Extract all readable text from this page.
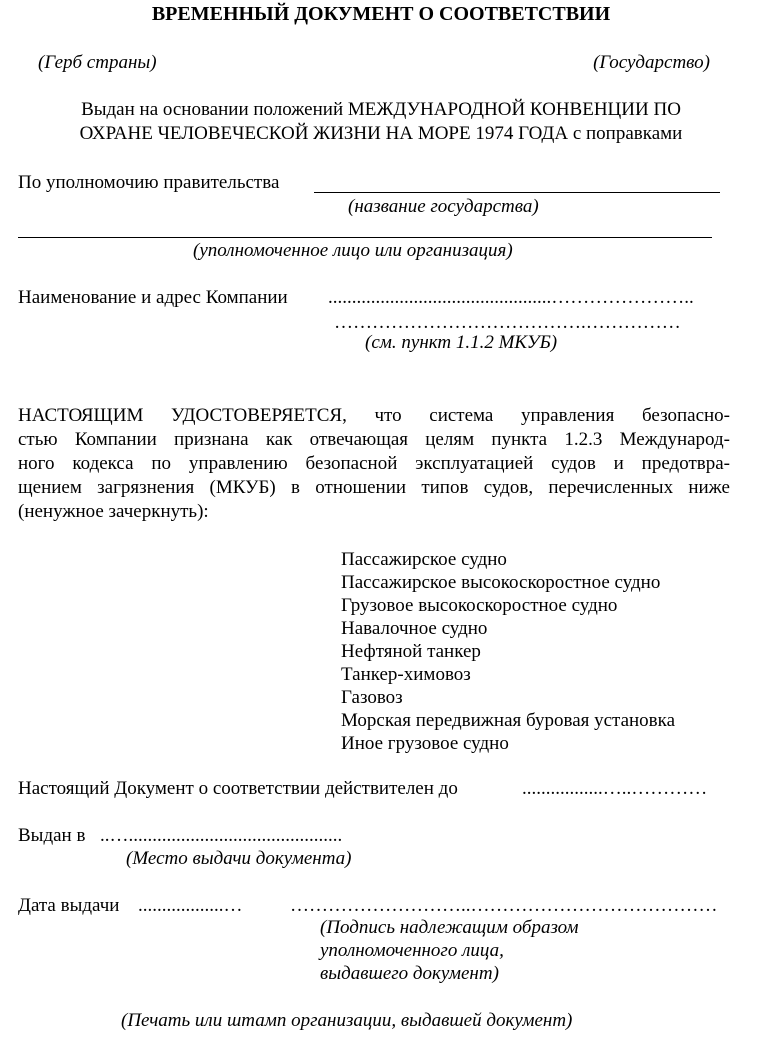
ВРЕМЕННЫЙ ДОКУМЕНТ О СООТВЕТСТВИИ
(Герб страны)	(Государство)
Выдан на основании положений МЕЖДУНАРОДНОЙ КОНВЕНЦИИ ПО
ОХРАНЕ ЧЕЛОВЕЧЕСКОЙ ЖИЗНИ НА МОРЕ 1974 ГОДА с поправками
По уполномочию правительства
(название государства)
(уполномоченное лицо или организация)
Наименование и адрес Компании ...............................................…………………..
………………………………….……………
(см. пункт 1.1.2 МКУБ)
НАСТОЯЩИМ УДОСТОВЕРЯЕТСЯ, что система управления безопасно-
стью Компании признана как отвечающая целям пункта 1.2.3 Международ-
ного кодекса по управлению безопасной эксплуатацией судов и предотвра-
щением загрязнения (МКУБ) в отношении типов судов, перечисленных ниже
(ненужное зачеркнуть):
Пассажирское судно
Пассажирское высокоскоростное судно
Грузовое высокоскоростное судно
Навалочное судно
Нефтяной танкер
Танкер-химовоз
Газовоз
Морская передвижная буровая установка
Иное грузовое судно
Настоящий Документ о соответствии действителен до	.................…..…………
Выдан в ..….............................................
(Место выдачи документа)
Дата выдачи ..................…	………………………..…………………………………
(Подпись надлежащим образом
уполномоченного лица,
выдавшего документ)
(Печать или штамп организации, выдавшей документ)
